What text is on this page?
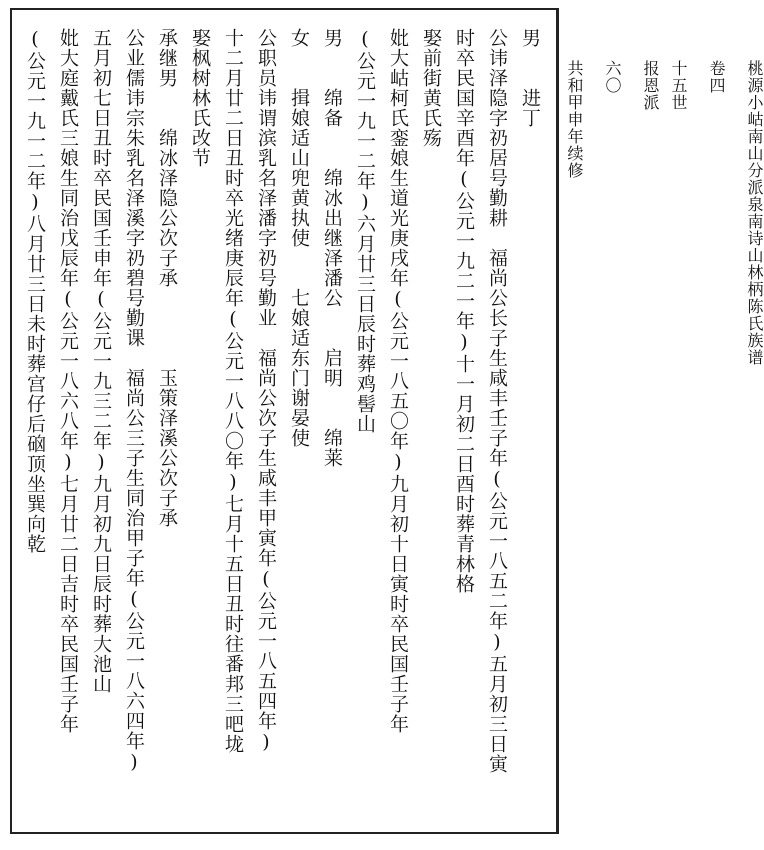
桃源小岵南山分派泉南诗山林柄陈氏族谱
卷四
十五世
报恩派
六〇
共和甲申年续修
男　　进丁
公讳泽隐字礽居号勤耕　福尚公长子生咸丰壬子年(公元一八五二年)五月初三日寅
时卒民国辛酉年(公元一九二一年)十一月初二日酉时葬青林格
娶前街黄氏殇
妣大岵柯氏銮娘生道光庚戌年(公元一八五〇年)九月初十日寅时卒民国壬子年
(公元一九一二年)六月廿三日辰时葬鸡髻山
男　　绵备　　绵冰出继泽潘公　　启明　　绵莱
女　　揖娘适山兜黄执使　　七娘适东门谢晏使
公职员讳谓滨乳名泽潘字礽号勤业　福尚公次子生咸丰甲寅年(公元一八五四年)
十二月廿二日丑时卒光绪庚辰年(公元一八八〇年)七月十五日丑时往番邦三吧垅
娶枫树林氏改节
承继男　　绵冰泽隐公次子承　　　　玉策泽溪公次子承
公业儒讳宗朱乳名泽溪字礽碧号勤课　福尚公三子生同治甲子年(公元一八六四年)
五月初七日丑时卒民国壬申年(公元一九三二年)九月初九日辰时葬大池山
妣大庭戴氏三娘生同治戊辰年(公元一八六八年)七月廿二日吉时卒民国壬子年
(公元一九一二年)八月廿三日未时葬宫仔后硇顶坐巽向乾
